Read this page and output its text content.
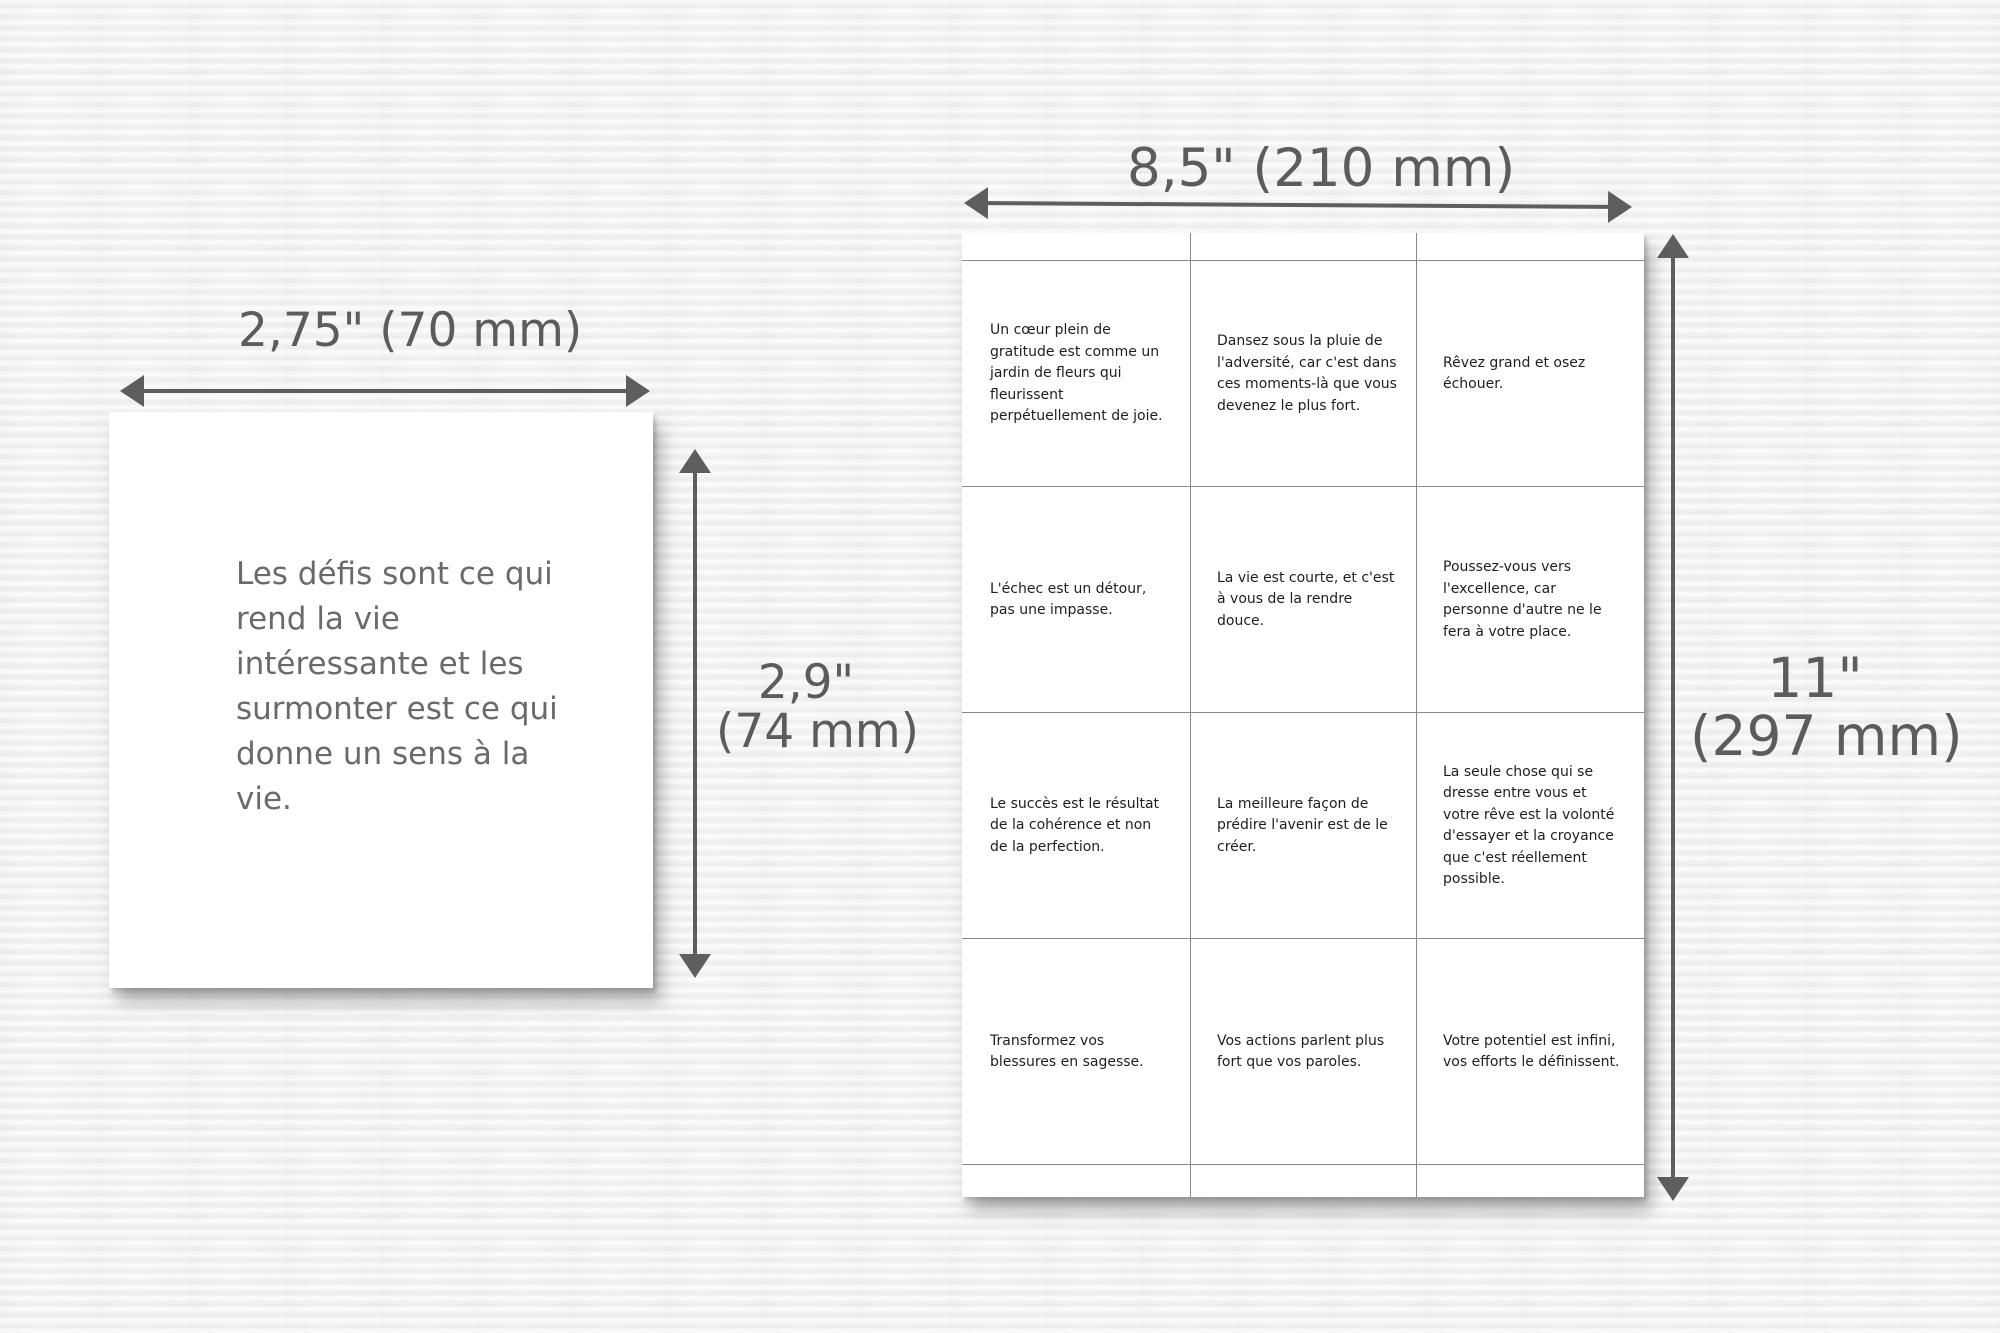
2,75" (70 mm)
2,9"
(74 mm)
8,5" (210 mm)
11"
(297 mm)
Les défis sont ce qui rend la vie intéressante et les surmonter est ce qui donne un sens à la vie.
Un cœur plein de gratitude est comme un jardin de fleurs qui fleurissent perpétuellement de joie.
Dansez sous la pluie de l'adversité, car c'est dans ces moments-là que vous devenez le plus fort.
Rêvez grand et osez échouer.
L'échec est un détour, pas une impasse.
La vie est courte, et c'est à vous de la rendre douce.
Poussez-vous vers l'excellence, car personne d'autre ne le fera à votre place.
Le succès est le résultat de la cohérence et non de la perfection.
La meilleure façon de prédire l'avenir est de le créer.
La seule chose qui se dresse entre vous et votre rêve est la volonté d'essayer et la croyance que c'est réellement possible.
Transformez vos blessures en sagesse.
Vos actions parlent plus fort que vos paroles.
Votre potentiel est infini, vos efforts le définissent.
